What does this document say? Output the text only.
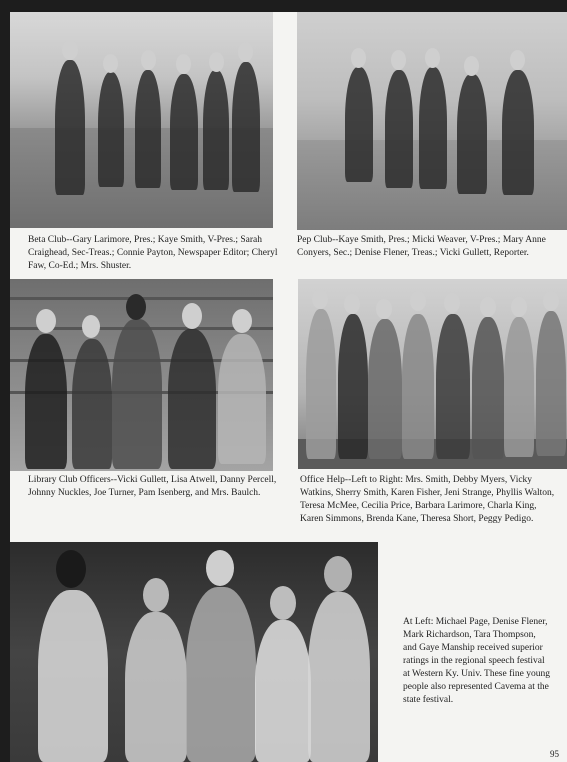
Beta Club--Gary Larimore, Pres.; Kaye Smith, V-Pres.; Sarah Craighead, Sec-Treas.; Connie Payton, Newspaper Editor; Cheryl Faw, Co-Ed.; Mrs. Shuster.

Pep Club--Kaye Smith, Pres.; Micki Weaver, V-Pres.; Mary Anne Conyers, Sec.; Denise Flener, Treas.; Vicki Gullett, Reporter.

Library Club Officers--Vicki Gullett, Lisa Atwell, Danny Percell, Johnny Nuckles, Joe Turner, Pam Isenberg, and Mrs. Baulch.

Office Help--Left to Right: Mrs. Smith, Debby Myers, Vicky Watkins, Sherry Smith, Karen Fisher, Jeni Strange, Phyllis Walton, Teresa McMee, Cecilia Price, Barbara Larimore, Charla King, Karen Simmons, Brenda Kane, Theresa Short, Peggy Pedigo.

At Left: Michael Page, Denise Flener, Mark Richardson, Tara Thompson, and Gaye Manship received superior ratings in the regional speech festival at Western Ky. Univ. These fine young people also represented Cavema at the state festival.

95
